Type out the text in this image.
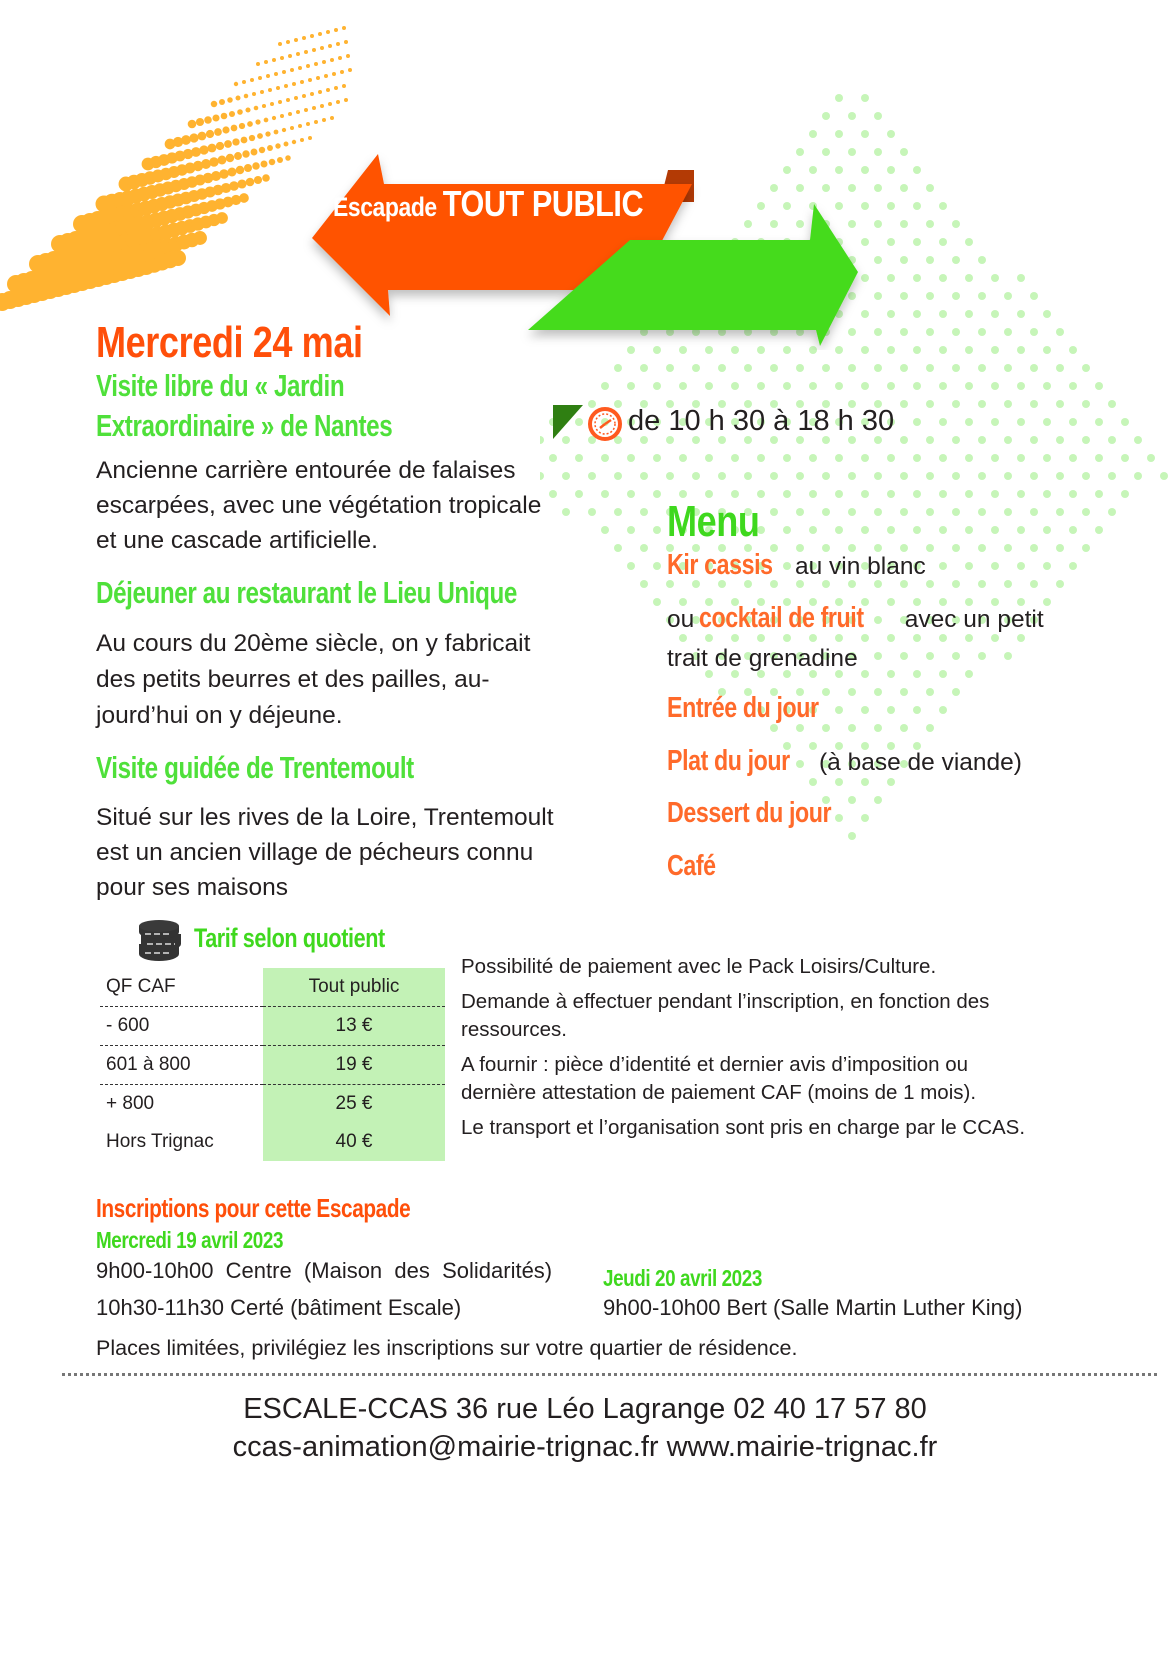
Escapade TOUT PUBLIC
Mercredi 24 mai
Visite libre du « Jardin
Extraordinaire » de Nantes
Ancienne carrière entourée de falaises
escarpées, avec une végétation tropicale
et une cascade artificielle.
Déjeuner au restaurant le Lieu Unique
Au cours du 20ème siècle, on y fabricait
des petits beurres et des pailles, au-
jourd’hui on y déjeune.
Visite guidée de Trentemoult
Situé sur les rives de la Loire, Trentemoult
est un ancien village de pécheurs connu
pour ses maisons
de 10 h 30 à 18 h 30
Menu
Kir cassis au vin blanc
ou cocktail de fruit avec un petit
trait de grenadine
Entrée du jour
Plat du jour (à base de viande)
Dessert du jour
Café
Tarif selon quotient
QF CAF	Tout public
- 600	13 €
601 à 800	19 €
+ 800	25 €
Hors Trignac	40 €

Possibilité de paiement avec le Pack Loisirs/Culture.

Demande à effectuer pendant l’inscription, en fonction des ressources.

A fournir : pièce d’identité et dernier avis d’imposition ou dernière attestation de paiement CAF (moins de 1 mois).

Le transport et l’organisation sont pris en charge par le CCAS.

Inscriptions pour cette Escapade
Mercredi 19 avril 2023
9h00-10h00  Centre  (Maison  des  Solidarités)
10h30-11h30 Certé (bâtiment Escale)
Jeudi 20 avril 2023
9h00-10h00 Bert (Salle Martin Luther King)
Places limitées, privilégiez les inscriptions sur votre quartier de résidence.
ESCALE-CCAS 36 rue Léo Lagrange 02 40 17 57 80
ccas-animation@mairie-trignac.fr www.mairie-trignac.fr
